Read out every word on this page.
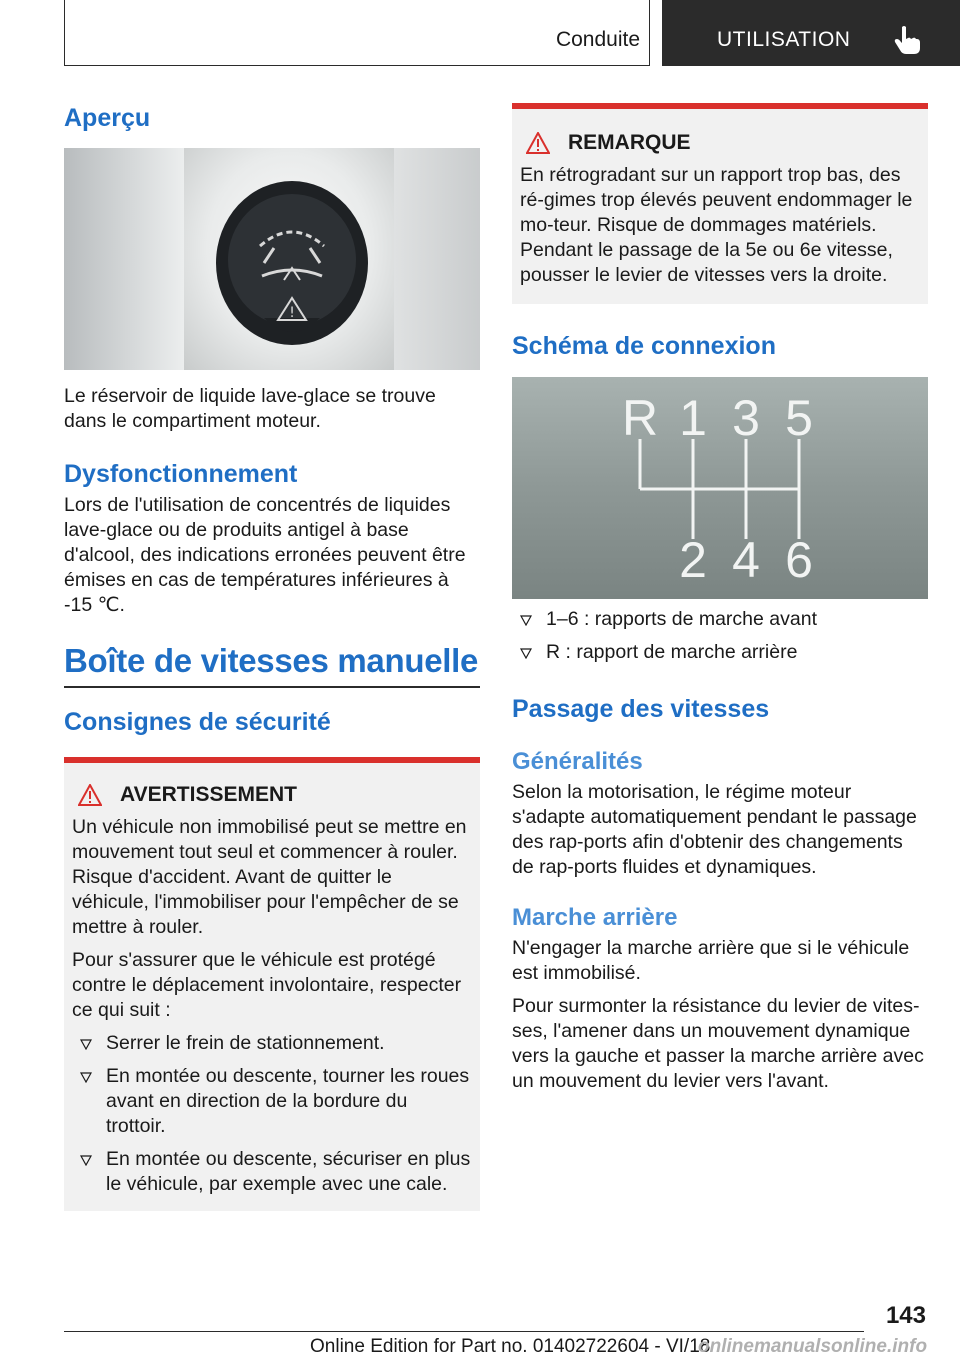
Conduite	UTILISATION
Aperçu
!

Le réservoir de liquide lave-glace se trouve dans le compartiment moteur.

Dysfonctionnement

Lors de l'utilisation de concentrés de liquides lave-glace ou de produits antigel à base d'alcool, des indications erronées peuvent être émises en cas de températures inférieures à -15 ℃.

Boîte de vitesses manuelle
Consignes de sécurité
AVERTISSEMENT

Un véhicule non immobilisé peut se mettre en mouvement tout seul et commencer à rouler. Risque d'accident. Avant de quitter le véhicule, l'immobiliser pour l'empêcher de se mettre à rouler.

Pour s'assurer que le véhicule est protégé contre le déplacement involontaire, respecter ce qui suit :

Serrer le frein de stationnement.
En montée ou descente, tourner les roues avant en direction de la bordure du trottoir.
En montée ou descente, sécuriser en plus le véhicule, par exemple avec une cale.
REMARQUE

En rétrogradant sur un rapport trop bas, des ré-gimes trop élevés peuvent endommager le mo-teur. Risque de dommages matériels. Pendant le passage de la 5e ou 6e vitesse, pousser le levier de vitesses vers la droite.

Schéma de connexion
R 1 3 5
2 4 6
1–6 : rapports de marche avant
R : rapport de marche arrière
Passage des vitesses
Généralités

Selon la motorisation, le régime moteur s'adapte automatiquement pendant le passage des rap-ports afin d'obtenir des changements de rap-ports fluides et dynamiques.

Marche arrière

N'engager la marche arrière que si le véhicule est immobilisé.

Pour surmonter la résistance du levier de vites-ses, l'amener dans un mouvement dynamique vers la gauche et passer la marche arrière avec un mouvement du levier vers l'avant.

143
Online Edition for Part no. 01402722604 - VI/18
onlinemanualsonline.info
